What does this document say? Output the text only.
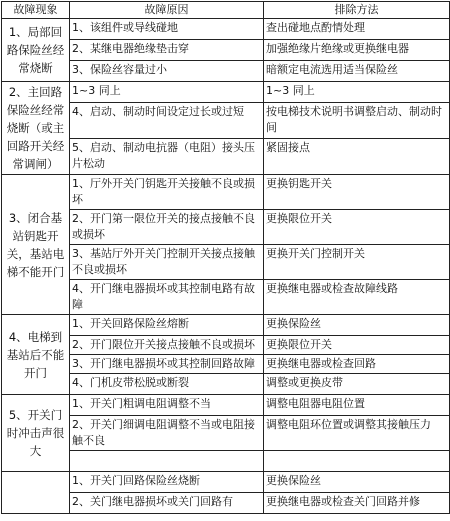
故障现象	故障原因	排除方法
1、局部回路保险丝经常烧断	1、该组件或导线碰地	查出碰地点酌情处理
	2、某继电器绝缘垫击穿	加强绝缘片绝缘或更换继电器
	3、保险丝容量过小	暗额定电流选用适当保险丝
2、主回路保险丝经常烧断（或主回路开关经常调闸）	1~3 同上	1~3 同上
	4、启动、制动时间设定过长或过短	按电梯技术说明书调整启动、制动时间
	5、启动、制动电抗器（电阻）接头压片松动	紧固接点
3、闭合基站钥匙开关，基站电梯不能开门	1、厅外开关门钥匙开关接触不良或损坏	更换钥匙开关
	2、开门第一限位开关的接点接触不良或损坏	更换限位开关
	3、基站厅外开关门控制开关接点接触不良或损坏	更换开关门控制开关
	4、开门继电器损坏或其控制电路有故障	更换继电器或检查故障线路
4、电梯到基站后不能开门	1、开关回路保险丝熔断	更换保险丝
	2、开门限位开关接点接触不良或损坏	更换限位开关
	3、开门继电器损坏或其控制回路故障	更换继电器或检查回路
	4、门机皮带松脱或断裂	调整或更换皮带
5、开关门时冲击声很大	1、开关门粗调电阻调整不当	调整电阻器电阻位置
	2、开关门细调电阻调整不当或电阻接触不良	调整电阻环位置或调整其接触压力

	1、开关门回路保险丝烧断	更换保险丝
	2、关门继电器损坏或关门回路有	更换继电器或检查关门回路并修
